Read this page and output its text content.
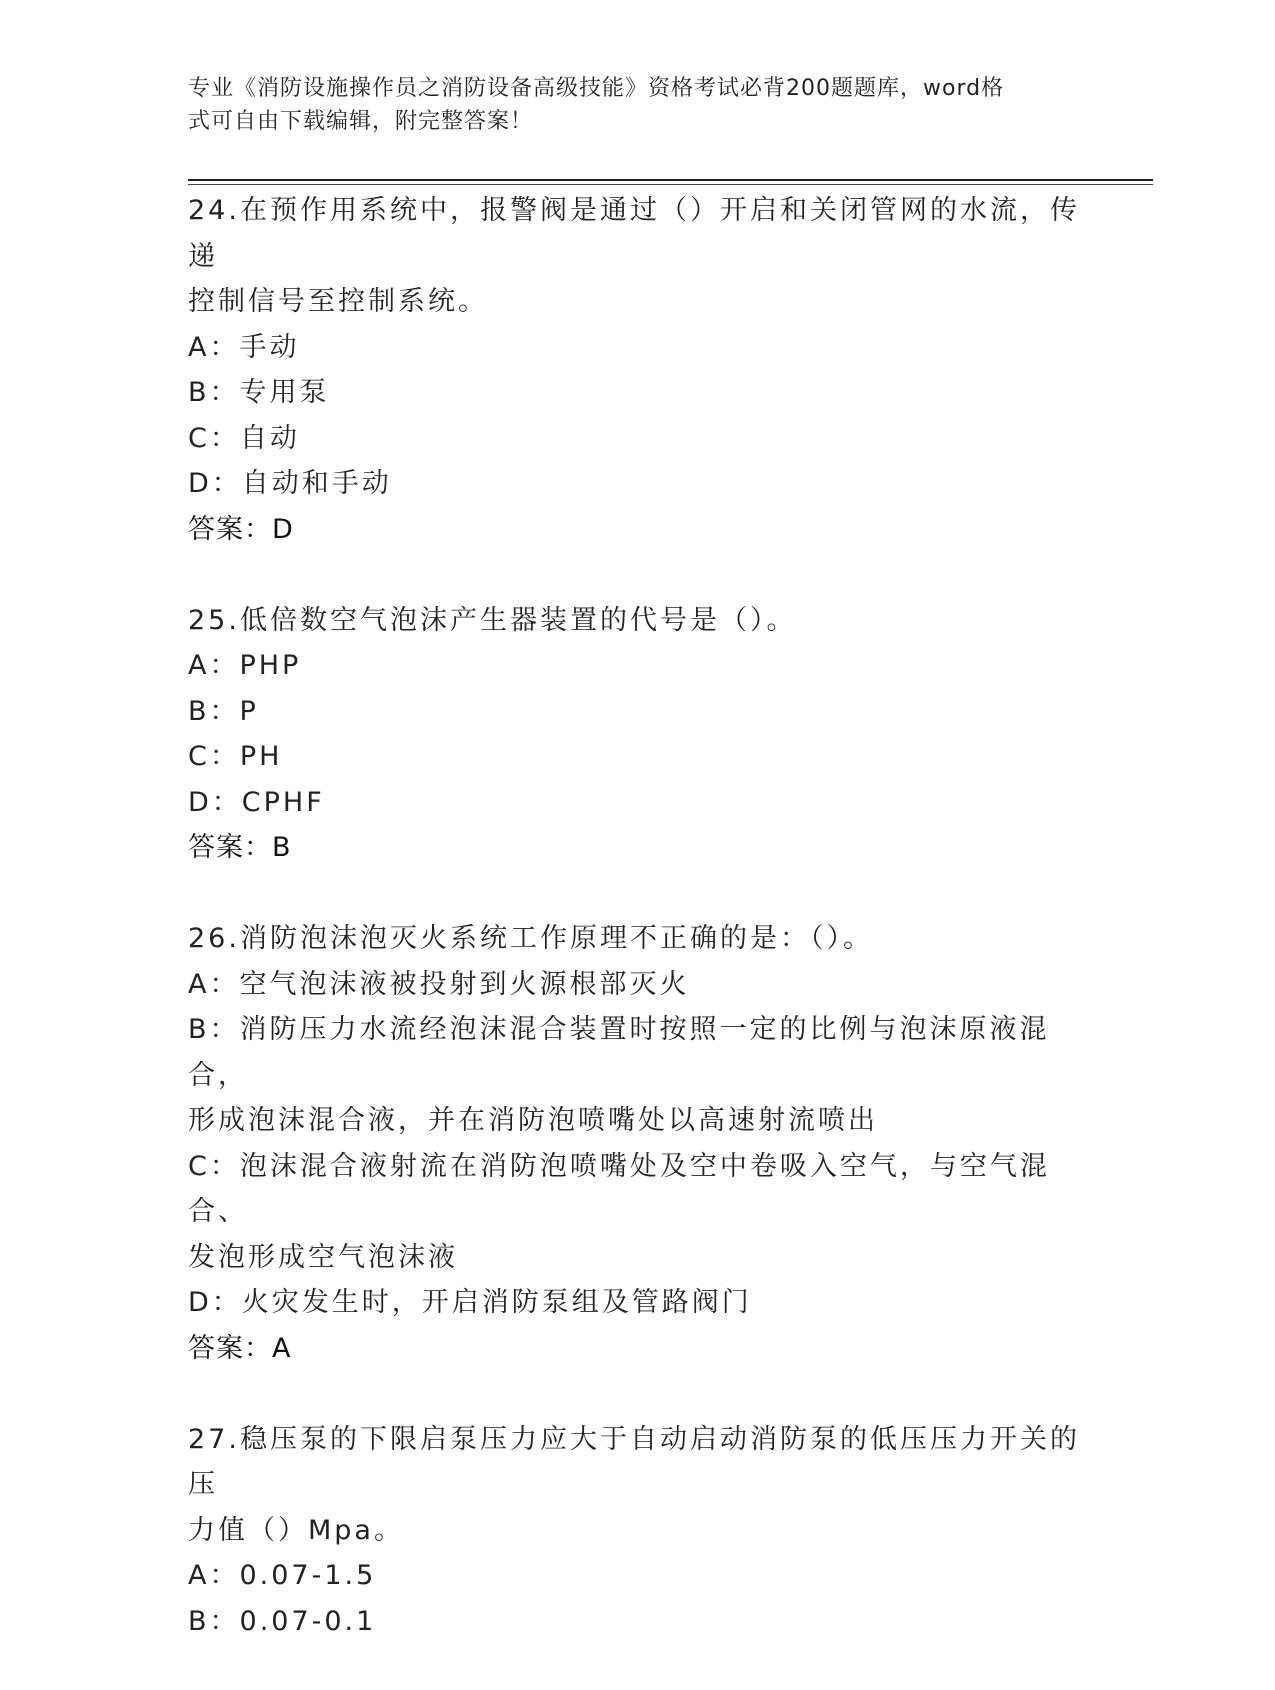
专业《消防设施操作员之消防设备高级技能》资格考试必背200题题库，word格
式可自由下载编辑，附完整答案！
24.在预作用系统中，报警阀是通过（）开启和关闭管网的水流，传递
控制信号至控制系统。
A：手动
B：专用泵
C：自动
D：自动和手动
答案：D
25.低倍数空气泡沫产生器装置的代号是（）。
A：PHP
B：P
C：PH
D：CPHF
答案：B
26.消防泡沫泡灭火系统工作原理不正确的是：（）。
A：空气泡沫液被投射到火源根部灭火
B：消防压力水流经泡沫混合装置时按照一定的比例与泡沫原液混合，
形成泡沫混合液，并在消防泡喷嘴处以高速射流喷出
C：泡沫混合液射流在消防泡喷嘴处及空中卷吸入空气，与空气混合、
发泡形成空气泡沫液
D：火灾发生时，开启消防泵组及管路阀门
答案：A
27.稳压泵的下限启泵压力应大于自动启动消防泵的低压压力开关的压
力值（）Mpa。
A：0.07-1.5
B：0.07-0.1
